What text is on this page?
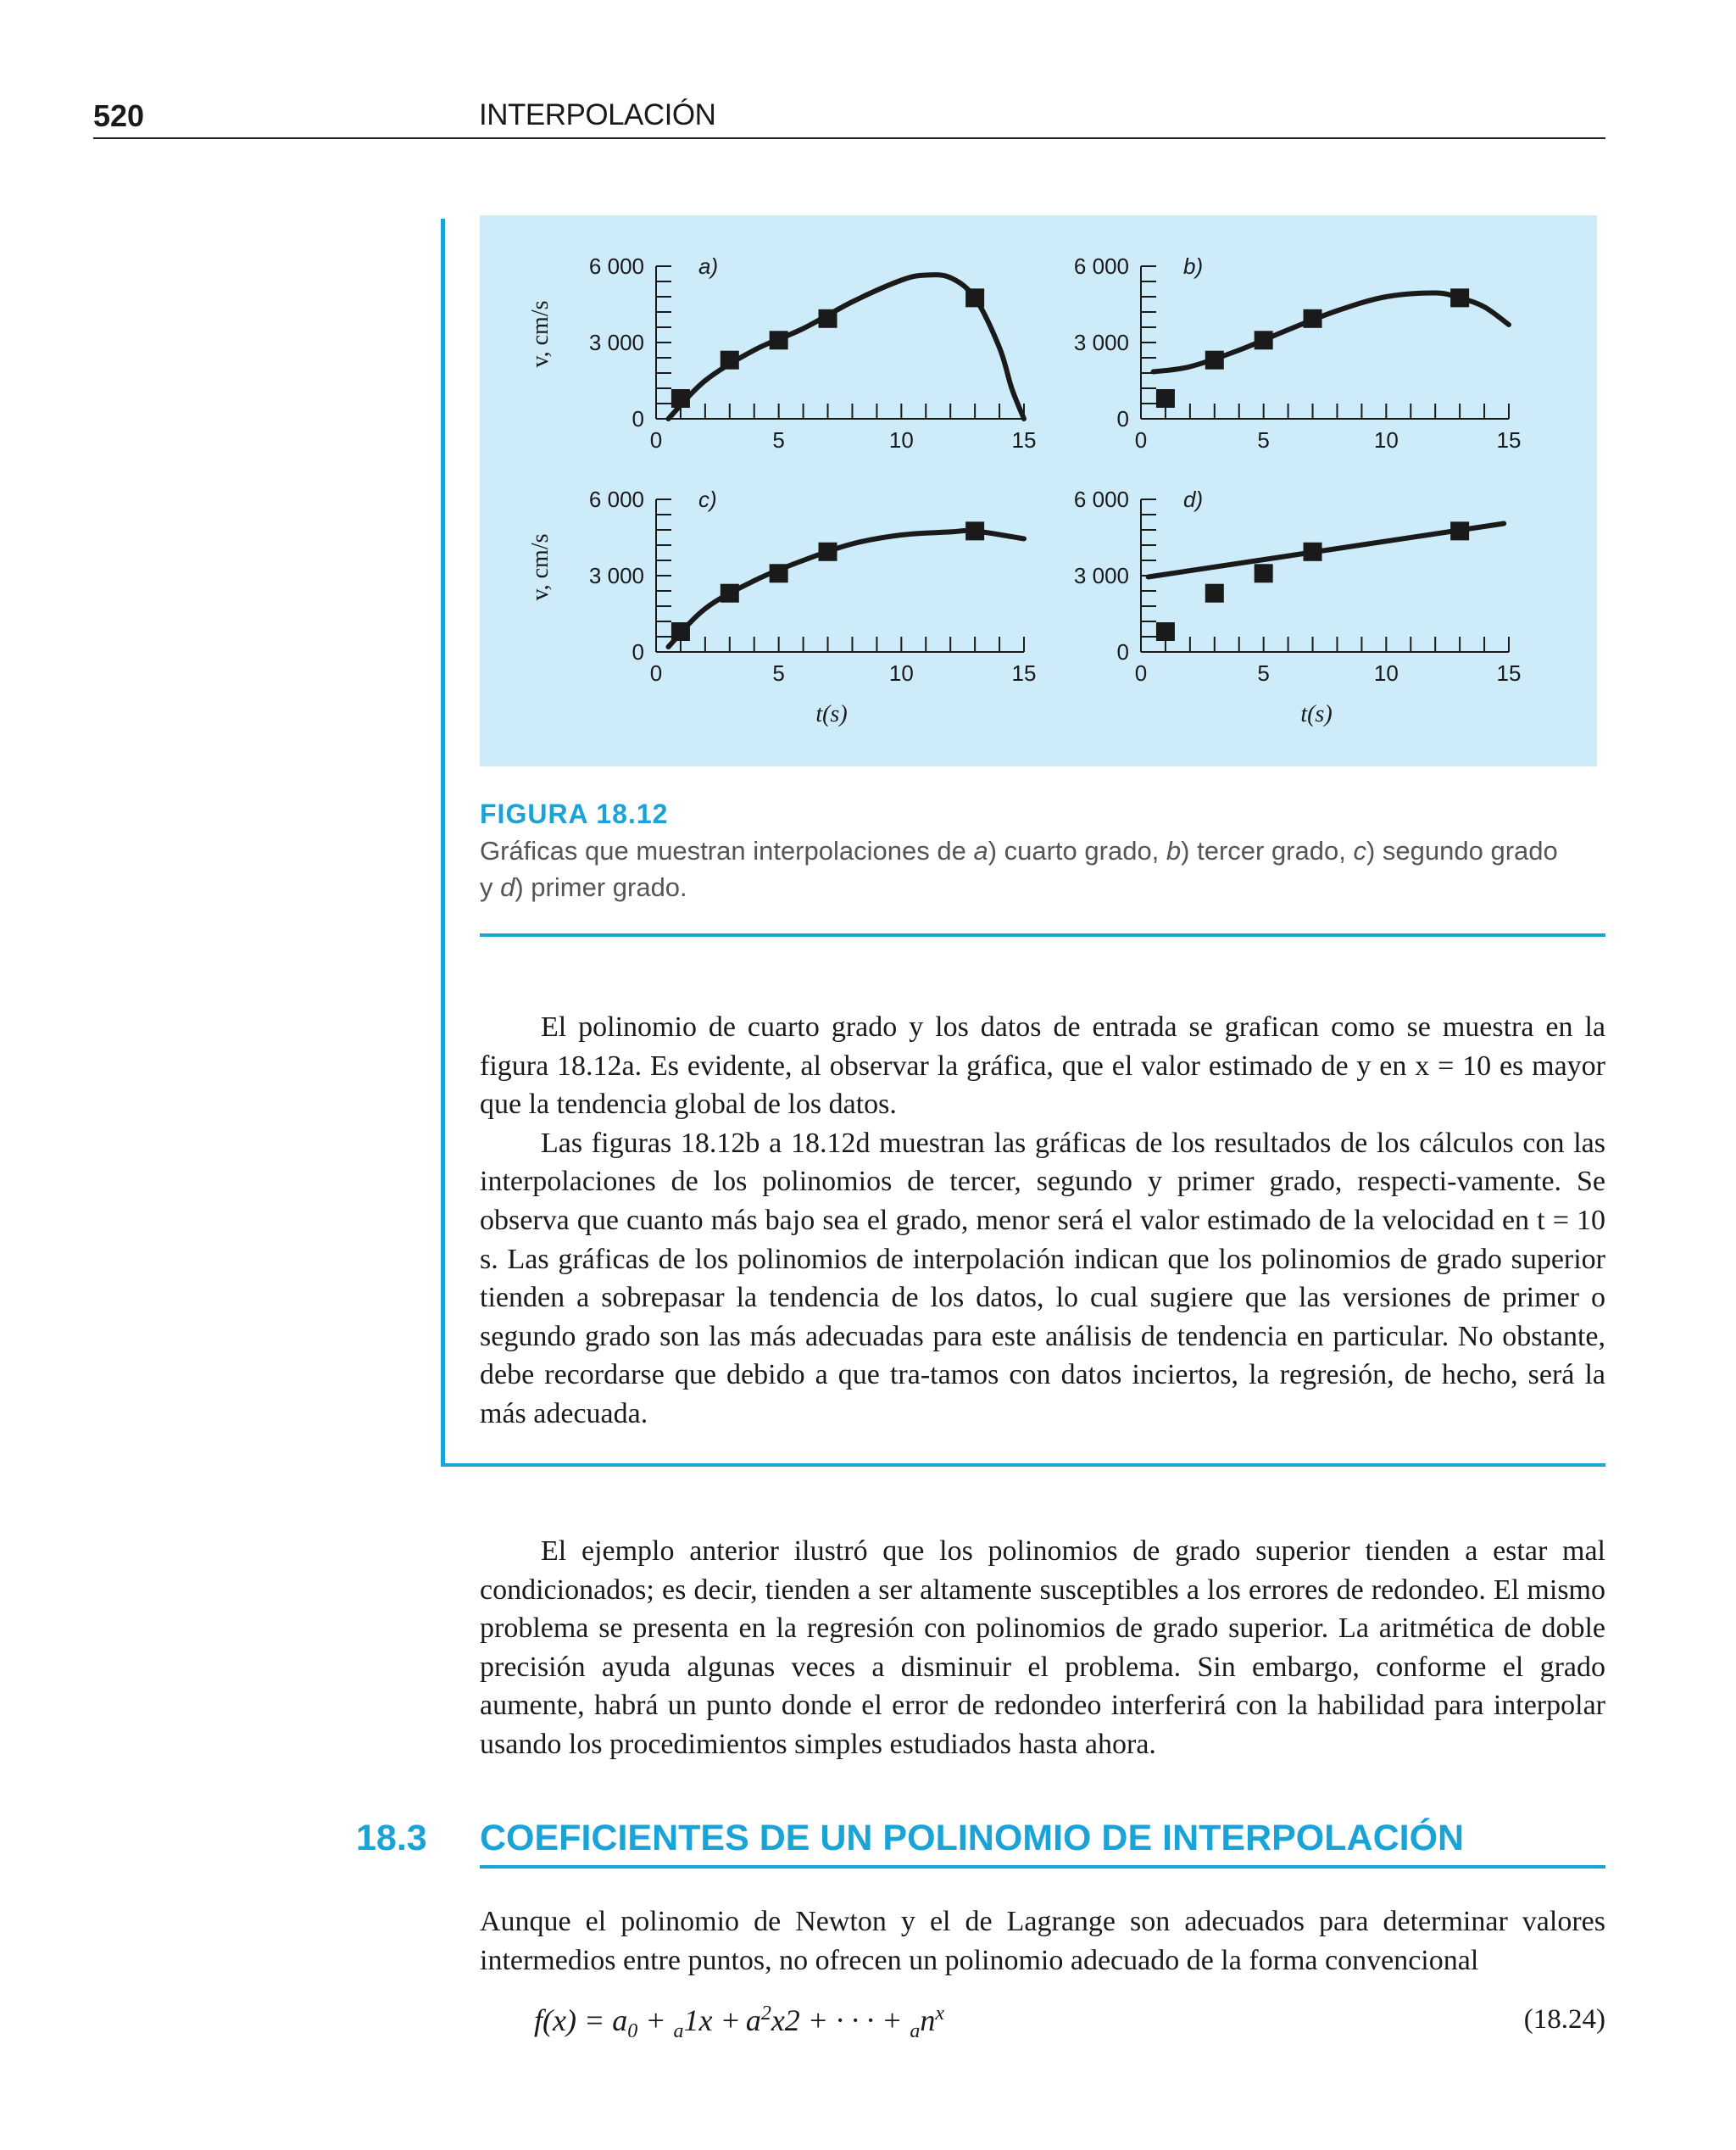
520	INTERPOLACIÓN
0	5	10	15
0
3 000
6 000 a)
v, cm/s
0	5	10	15
0
3 000
6 000 b)
0	5	10	15
0
3 000
6 000 c)
v, cm/s
t(s)
0	5	10	15
0
3 000
6 000 d)
t(s)
FIGURA 18.12
Gráficas que muestran interpolaciones de a) cuarto grado, b) tercer grado, c) segundo grado y d) primer grado.

El polinomio de cuarto grado y los datos de entrada se grafican como se muestra en la figura 18.12a. Es evidente, al observar la gráfica, que el valor estimado de y en x = 10 es mayor que la tendencia global de los datos.

Las figuras 18.12b a 18.12d muestran las gráficas de los resultados de los cálculos con las interpolaciones de los polinomios de tercer, segundo y primer grado, respecti-vamente. Se observa que cuanto más bajo sea el grado, menor será el valor estimado de la velocidad en t = 10 s. Las gráficas de los polinomios de interpolación indican que los polinomios de grado superior tienden a sobrepasar la tendencia de los datos, lo cual sugiere que las versiones de primer o segundo grado son las más adecuadas para este análisis de tendencia en particular. No obstante, debe recordarse que debido a que tra-tamos con datos inciertos, la regresión, de hecho, será la más adecuada.

El ejemplo anterior ilustró que los polinomios de grado superior tienden a estar mal condicionados; es decir, tienden a ser altamente susceptibles a los errores de redondeo. El mismo problema se presenta en la regresión con polinomios de grado superior. La aritmética de doble precisión ayuda algunas veces a disminuir el problema. Sin embargo, conforme el grado aumente, habrá un punto donde el error de redondeo interferirá con la habilidad para interpolar usando los procedimientos simples estudiados hasta ahora.

18.3 COEFICIENTES DE UN POLINOMIO DE INTERPOLACIÓN

Aunque el polinomio de Newton y el de Lagrange son adecuados para determinar valores intermedios entre puntos, no ofrecen un polinomio adecuado de la forma convencional

$f(x) = a_0 + _a1x + a^2x2$ + · · · + $_an^x$	(18.24)
